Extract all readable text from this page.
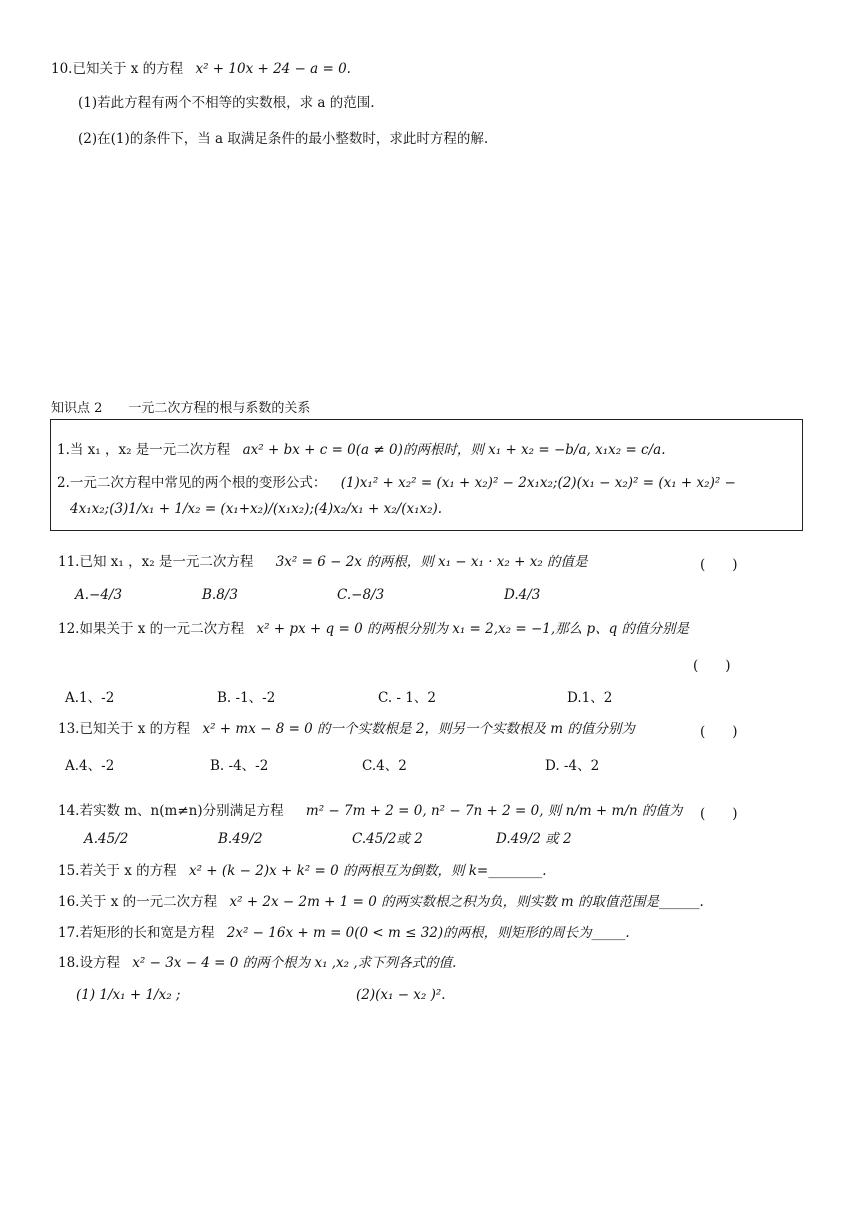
10.已知关于 x 的方程 x² + 10x + 24 − a = 0.
(1)若此方程有两个不相等的实数根，求 a 的范围.
(2)在(1)的条件下，当 a 取满足条件的最小整数时，求此时方程的解.
知识点 2　　一元二次方程的根与系数的关系
1.当 x₁ ，x₂ 是一元二次方程 ax² + bx + c = 0(a ≠ 0)的两根时，则 x₁ + x₂ = −b/a, x₁x₂ = c/a.
2.一元二次方程中常见的两个根的变形公式： (1)x₁² + x₂² = (x₁ + x₂)² − 2x₁x₂;(2)(x₁ − x₂)² = (x₁ + x₂)² −
4x₁x₂;(3)1/x₁ + 1/x₂ = (x₁+x₂)/(x₁x₂);(4)x₂/x₁ + x₂/(x₁x₂).
11.已知 x₁ ，x₂ 是一元二次方程 3x² = 6 − 2x 的两根，则 x₁ − x₁ · x₂ + x₂ 的值是	(　　)
A.−4/3	B.8/3	C.−8/3	D.4/3
12.如果关于 x 的一元二次方程 x² + px + q = 0 的两根分别为 x₁ = 2,x₂ = −1,那么 p、q 的值分别是
(　　)
A.1、-2	B. -1、-2	C. - 1、2	D.1、2
13.已知关于 x 的方程 x² + mx − 8 = 0 的一个实数根是 2，则另一个实数根及 m 的值分别为	(　　)
A.4、-2	B. -4、-2	C.4、2	D. -4、2
14.若实数 m、n(m≠n)分别满足方程 m² − 7m + 2 = 0, n² − 7n + 2 = 0, 则 n/m + m/n 的值为 (　　)
A.45/2	B.49/2	C.45/2或 2	D.49/2 或 2
15.若关于 x 的方程 x² + (k − 2)x + k² = 0 的两根互为倒数，则 k=________.
16.关于 x 的一元二次方程 x² + 2x − 2m + 1 = 0 的两实数根之积为负，则实数 m 的取值范围是______.
17.若矩形的长和宽是方程 2x² − 16x + m = 0(0 < m ≤ 32)的两根，则矩形的周长为_____.
18.设方程 x² − 3x − 4 = 0 的两个根为 x₁ ,x₂ ,求下列各式的值.
(1) 1/x₁ + 1/x₂ ;	(2)(x₁ − x₂ )².
